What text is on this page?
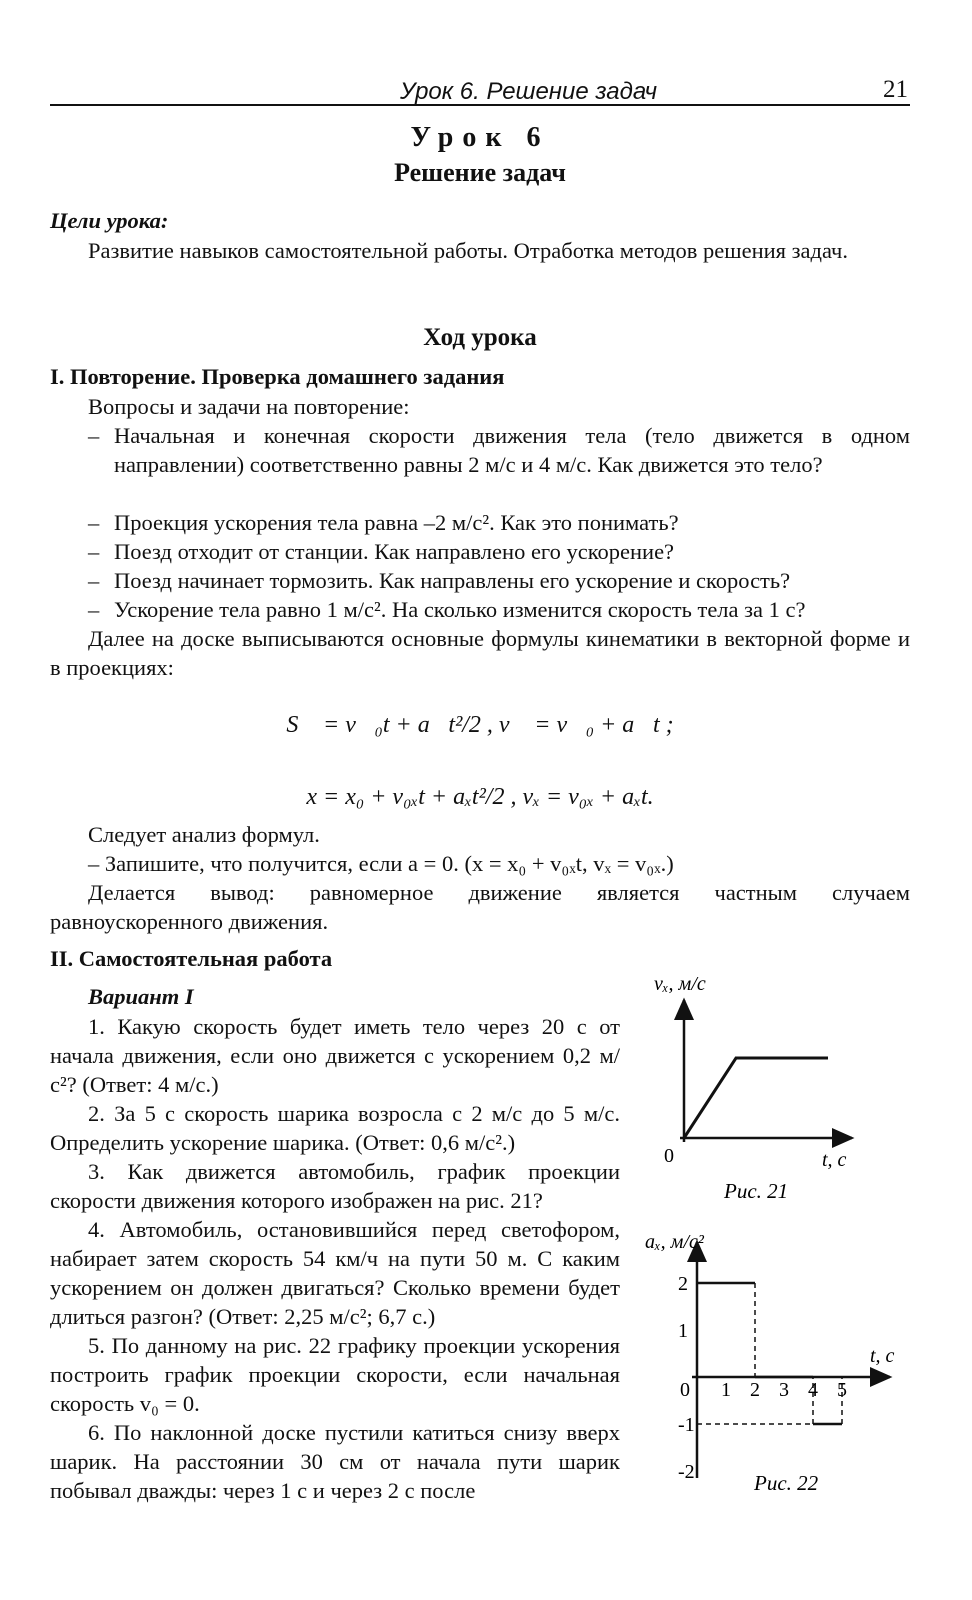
Урок 6. Решение задач	21
Урок 6
Решение задач
Цели урока:
Развитие навыков самостоятельной работы. Отработка методов решения задач.
Ход урока
I. Повторение. Проверка домашнего задания
Вопросы и задачи на повторение:
– Начальная и конечная скорости движения тела (тело движется в одном направлении) соответственно равны 2 м/с и 4 м/с. Как движется это тело?
– Проекция ускорения тела равна –2 м/с². Как это понимать?
– Поезд отходит от станции. Как направлено его ускорение?
– Поезд начинает тормозить. Как направлены его ускорение и скорость?
– Ускорение тела равно 1 м/с². На сколько изменится скорость тела за 1 с?
Далее на доске выписываются основные формулы кинематики в векторной форме и в проекциях:
S⃗ = v⃗₀t + a⃗t²/2 , v⃗ = v⃗₀ + a⃗t ;
x = x₀ + v₀ₓt + aₓt²/2 , vₓ = v₀ₓ + aₓt.
Следует анализ формул.
– Запишите, что получится, если a = 0. (x = x₀ + v₀ₓt, vₓ = v₀ₓ.)
Делается вывод: равномерное движение является частным случаем равноускоренного движения.
II. Самостоятельная работа
Вариант I
1. Какую скорость будет иметь тело через 20 с от начала движения, если оно движется с ускорением 0,2 м/с²? (Ответ: 4 м/с.)
2. За 5 с скорость шарика возросла с 2 м/с до 5 м/с. Определить ускорение шарика. (Ответ: 0,6 м/с².)
3. Как движется автомобиль, график проекции скорости движения которого изображен на рис. 21?
4. Автомобиль, остановившийся перед светофором, набирает затем скорость 54 км/ч на пути 50 м. С каким ускорением он должен двигаться? Сколько времени будет длиться разгон? (Ответ: 2,25 м/с²; 6,7 с.)
5. По данному на рис. 22 графику проекции ускорения построить график проекции скорости, если начальная скорость v₀ = 0.
6. По наклонной доске пустили катиться снизу вверх шарик. На расстоянии 30 см от начала пути шарик побывал дважды: через 1 с и через 2 с после
vₓ, м/с
t, с
0
Рис. 21
2
1
-1
-2
1 2 3 4 5
aₓ, м/с²
t, с
0
Рис. 22
